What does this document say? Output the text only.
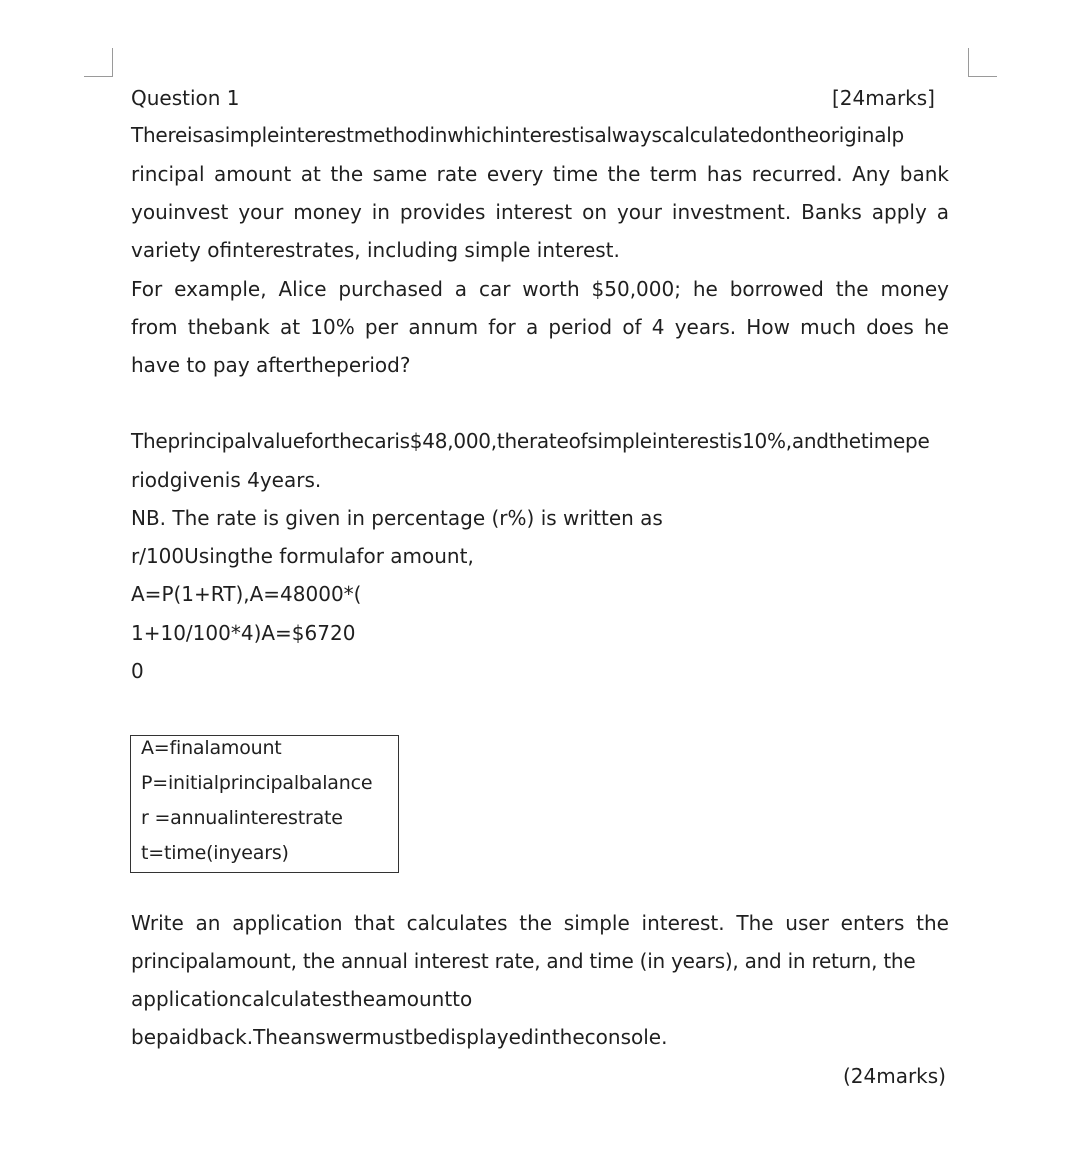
Question 1	[24marks]
Thereisasimpleinterestmethodinwhichinterestisalwayscalculatedontheoriginalp
rincipal amount at the same rate every time the term has recurred. Any bank
youinvest your money in provides interest on your investment. Banks apply a
variety ofinterestrates, including simple interest.
For example, Alice purchased a car worth $50,000; he borrowed the money
from thebank at 10% per annum for a period of 4 years. How much does he
have to pay aftertheperiod?
Theprincipalvalueforthecaris$48,000,therateofsimpleinterestis10%,andthetimepe
riodgivenis 4years.
NB. The rate is given in percentage (r%) is written as
r/100Usingthe formulafor amount,
A=P(1+RT),A=48000*(
1+10/100*4)A=$6720
0
A=finalamount
P=initialprincipalbalance
r =annualinterestrate
t=time(inyears)
Write an application that calculates the simple interest. The user enters the
principalamount, the annual interest rate, and time (in years), and in return, the
applicationcalculatestheamountto
bepaidback.Theanswermustbedisplayedintheconsole.
(24marks)
